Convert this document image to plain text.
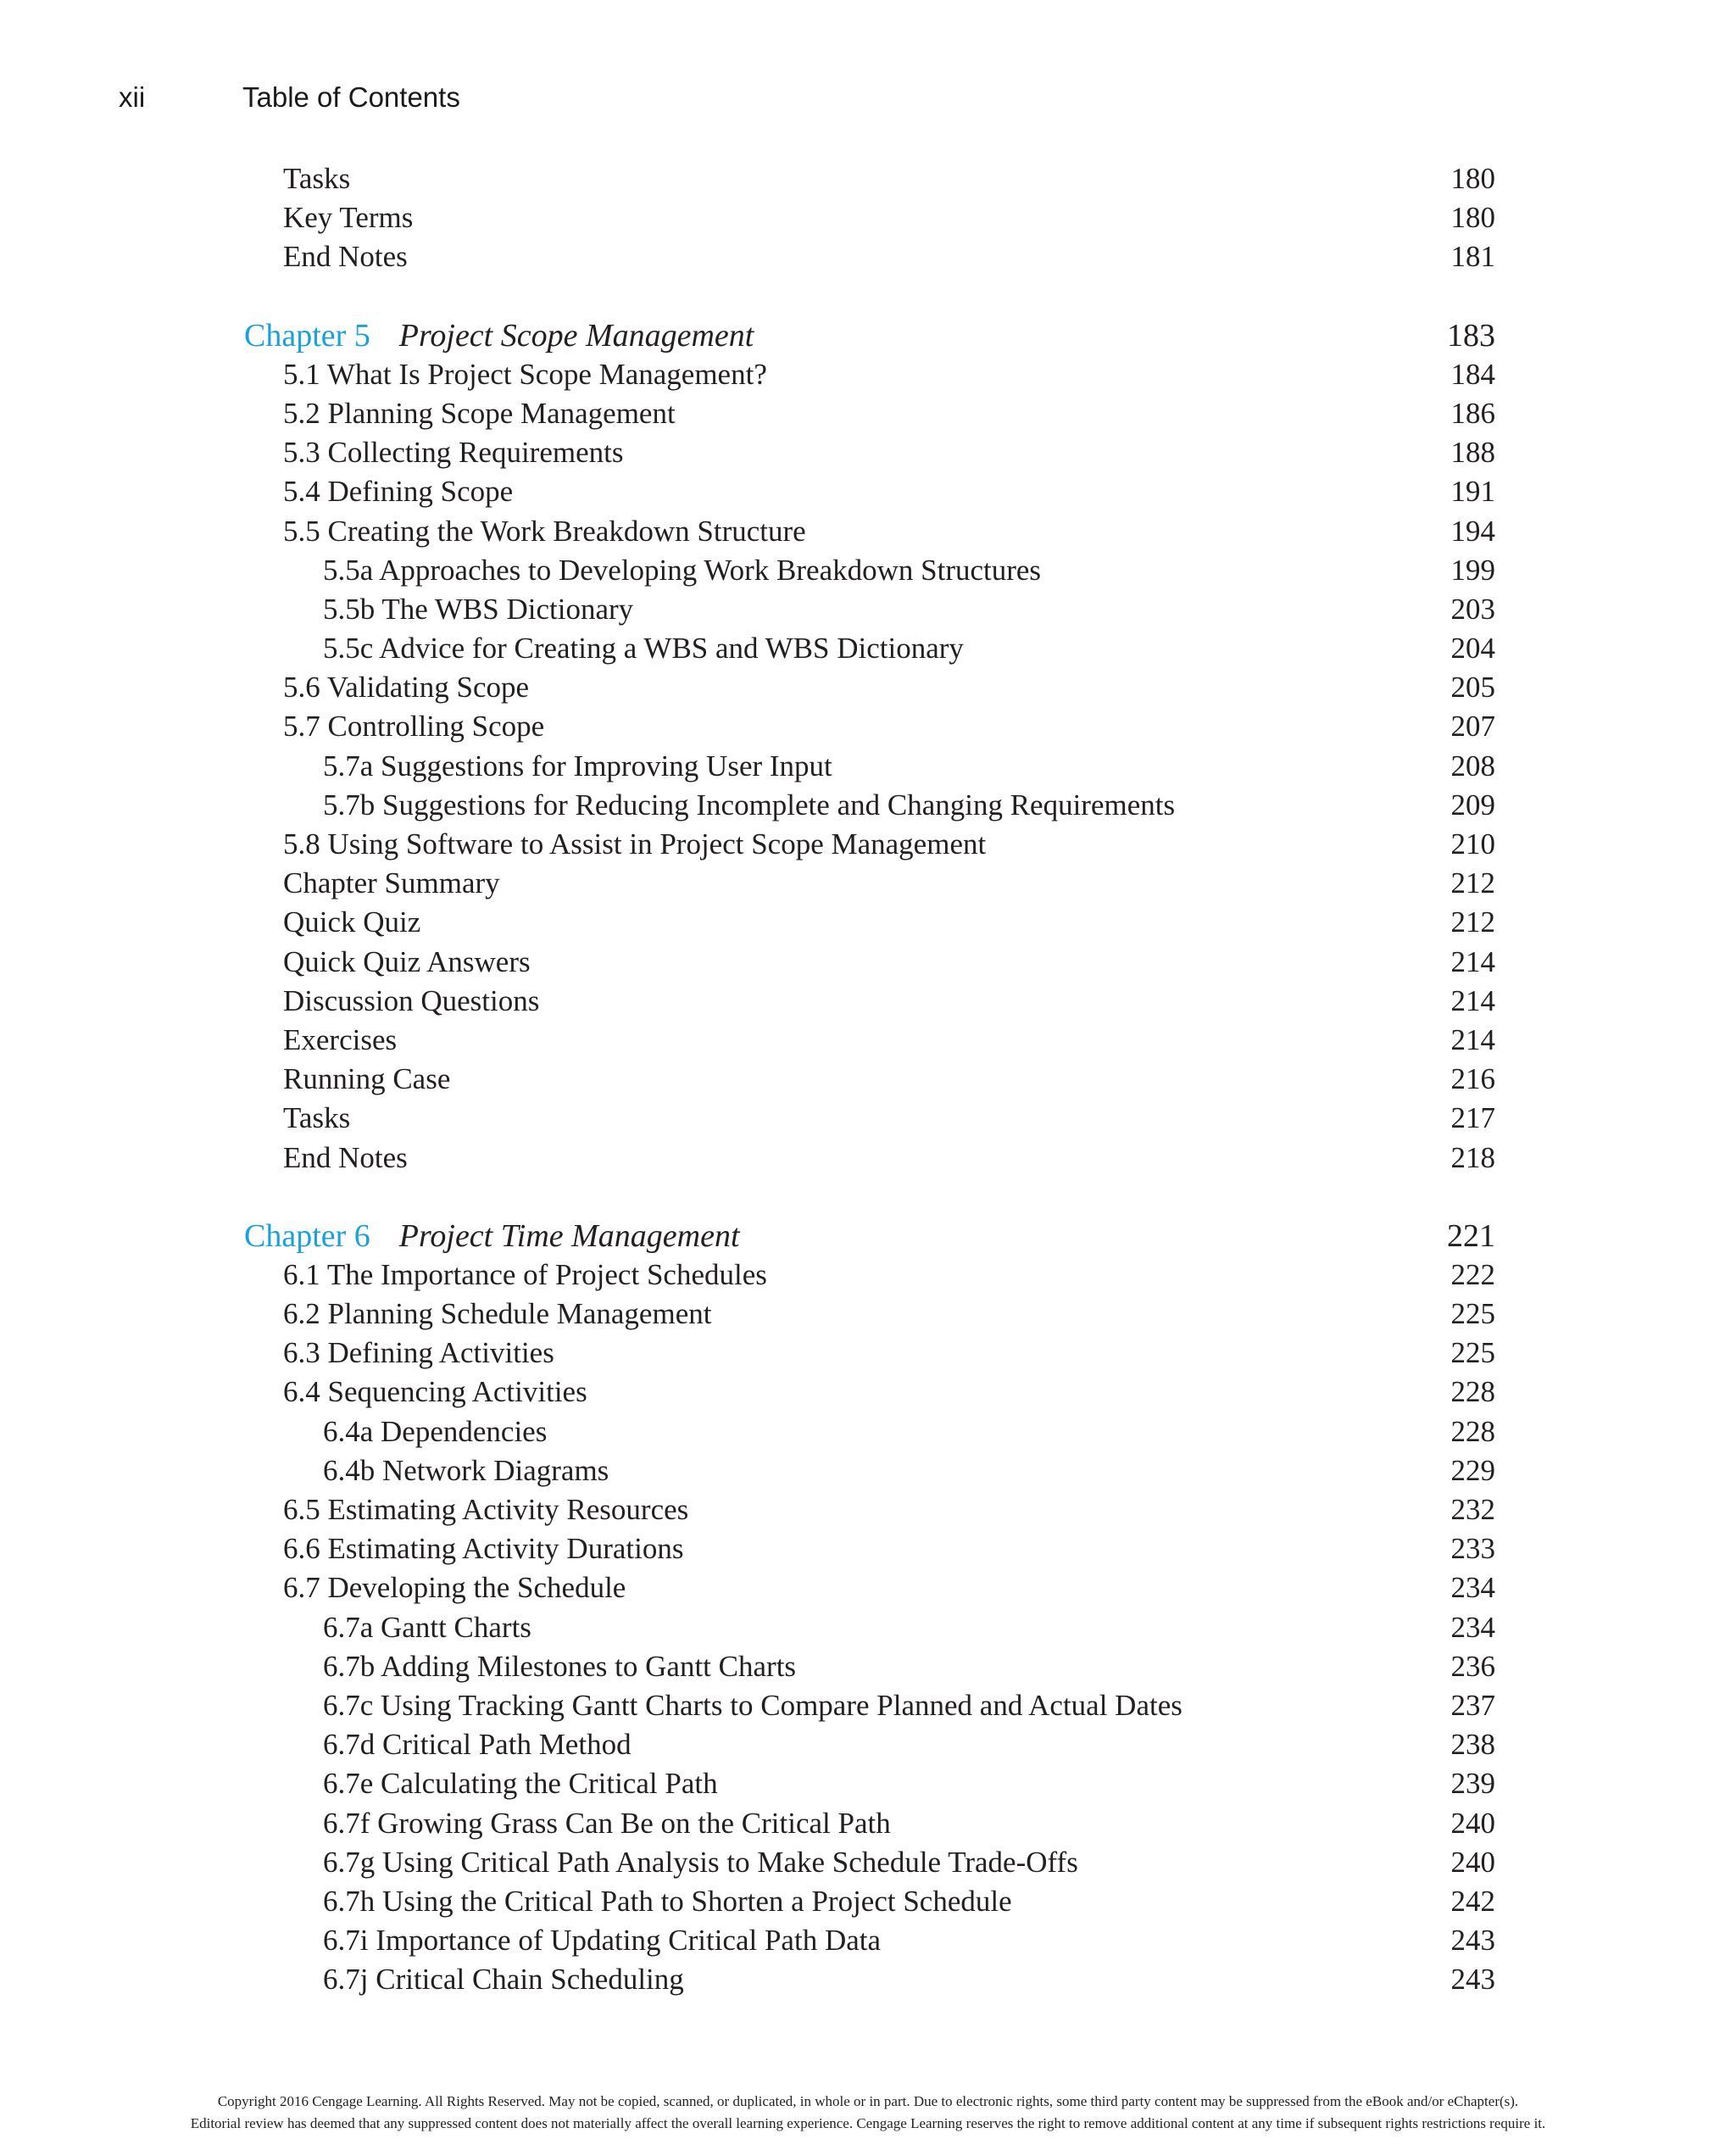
xii	Table of Contents
Tasks	180
Key Terms	180
End Notes	181
Chapter 5 Project Scope Management	183
5.1 What Is Project Scope Management?	184
5.2 Planning Scope Management	186
5.3 Collecting Requirements	188
5.4 Defining Scope	191
5.5 Creating the Work Breakdown Structure	194
5.5a Approaches to Developing Work Breakdown Structures	199
5.5b The WBS Dictionary	203
5.5c Advice for Creating a WBS and WBS Dictionary	204
5.6 Validating Scope	205
5.7 Controlling Scope	207
5.7a Suggestions for Improving User Input	208
5.7b Suggestions for Reducing Incomplete and Changing Requirements	209
5.8 Using Software to Assist in Project Scope Management	210
Chapter Summary	212
Quick Quiz	212
Quick Quiz Answers	214
Discussion Questions	214
Exercises	214
Running Case	216
Tasks	217
End Notes	218
Chapter 6 Project Time Management	221
6.1 The Importance of Project Schedules	222
6.2 Planning Schedule Management	225
6.3 Defining Activities	225
6.4 Sequencing Activities	228
6.4a Dependencies	228
6.4b Network Diagrams	229
6.5 Estimating Activity Resources	232
6.6 Estimating Activity Durations	233
6.7 Developing the Schedule	234
6.7a Gantt Charts	234
6.7b Adding Milestones to Gantt Charts	236
6.7c Using Tracking Gantt Charts to Compare Planned and Actual Dates	237
6.7d Critical Path Method	238
6.7e Calculating the Critical Path	239
6.7f Growing Grass Can Be on the Critical Path	240
6.7g Using Critical Path Analysis to Make Schedule Trade-Offs	240
6.7h Using the Critical Path to Shorten a Project Schedule	242
6.7i Importance of Updating Critical Path Data	243
6.7j Critical Chain Scheduling	243
Copyright 2016 Cengage Learning. All Rights Reserved. May not be copied, scanned, or duplicated, in whole or in part. Due to electronic rights, some third party content may be suppressed from the eBook and/or eChapter(s).
Editorial review has deemed that any suppressed content does not materially affect the overall learning experience. Cengage Learning reserves the right to remove additional content at any time if subsequent rights restrictions require it.
